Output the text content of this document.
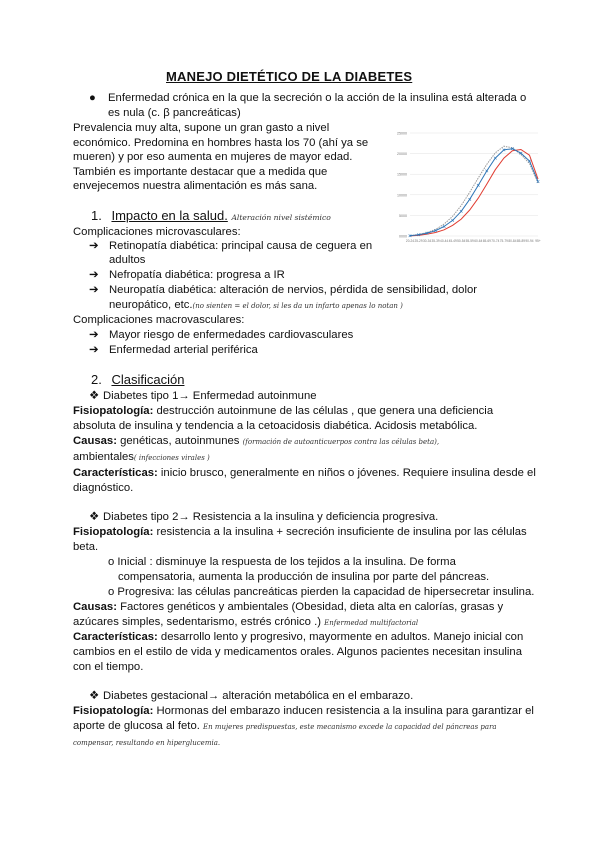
MANEJO DIETÉTICO DE LA DIABETES
● Enfermedad crónica en la que la secreción o la acción de la insulina está alterada o
es nula (c. β pancreáticas)
Prevalencia muy alta, supone un gran gasto a nivel
económico. Predomina en hombres hasta los 70 (ahí ya se
mueren) y por eso aumenta en mujeres de mayor edad.
También es importante destacar que a medida que
envejecemos nuestra alimentación es más sana.
0000
5000
10000
15000
20000
25000
20-24 25-29 30-34 35-39 40-44 45-49 50-54 55-59 60-64 65-69 70-74 75-79 80-84 85-89 90-94 95+
1. Impacto en la salud. Alteración nivel sistémico
Complicaciones microvasculares:
➔ Retinopatía diabética: principal causa de ceguera en
adultos
➔ Nefropatía diabética: progresa a IR
➔ Neuropatía diabética: alteración de nervios, pérdida de sensibilidad, dolor
neuropático, etc.(no sienten = el dolor, si les da un infarto apenas lo notan )
Complicaciones macrovasculares:
➔ Mayor riesgo de enfermedades cardiovasculares
➔ Enfermedad arterial periférica
2. Clasificación
❖ Diabetes tipo 1→ Enfermedad autoinmune
Fisiopatología: destrucción autoinmune de las células , que genera una deficiencia
absoluta de insulina y tendencia a la cetoacidosis diabética. Acidosis metabólica.
Causas: genéticas, autoinmunes (formación de autoanticuerpos contra las células beta),
ambientales( infecciones virales )
Características: inicio brusco, generalmente en niños o jóvenes. Requiere insulina desde el
diagnóstico.
❖ Diabetes tipo 2→ Resistencia a la insulina y deficiencia progresiva.
Fisiopatología: resistencia a la insulina + secreción insuficiente de insulina por las células
beta.
o Inicial : disminuye la respuesta de los tejidos a la insulina. De forma
compensatoria, aumenta la producción de insulina por parte del páncreas.
o Progresiva: las células pancreáticas pierden la capacidad de hipersecretar insulina.
Causas: Factores genéticos y ambientales (Obesidad, dieta alta en calorías, grasas y
azúcares simples, sedentarismo, estrés crónico .) Enfermedad multifactorial
Características: desarrollo lento y progresivo, mayormente en adultos. Manejo inicial con
cambios en el estilo de vida y medicamentos orales. Algunos pacientes necesitan insulina
con el tiempo.
❖ Diabetes gestacional→ alteración metabólica en el embarazo.
Fisiopatología: Hormonas del embarazo inducen resistencia a la insulina para garantizar el
aporte de glucosa al feto. En mujeres predispuestas, este mecanismo excede la capacidad del páncreas para
compensar, resultando en hiperglucemia.
